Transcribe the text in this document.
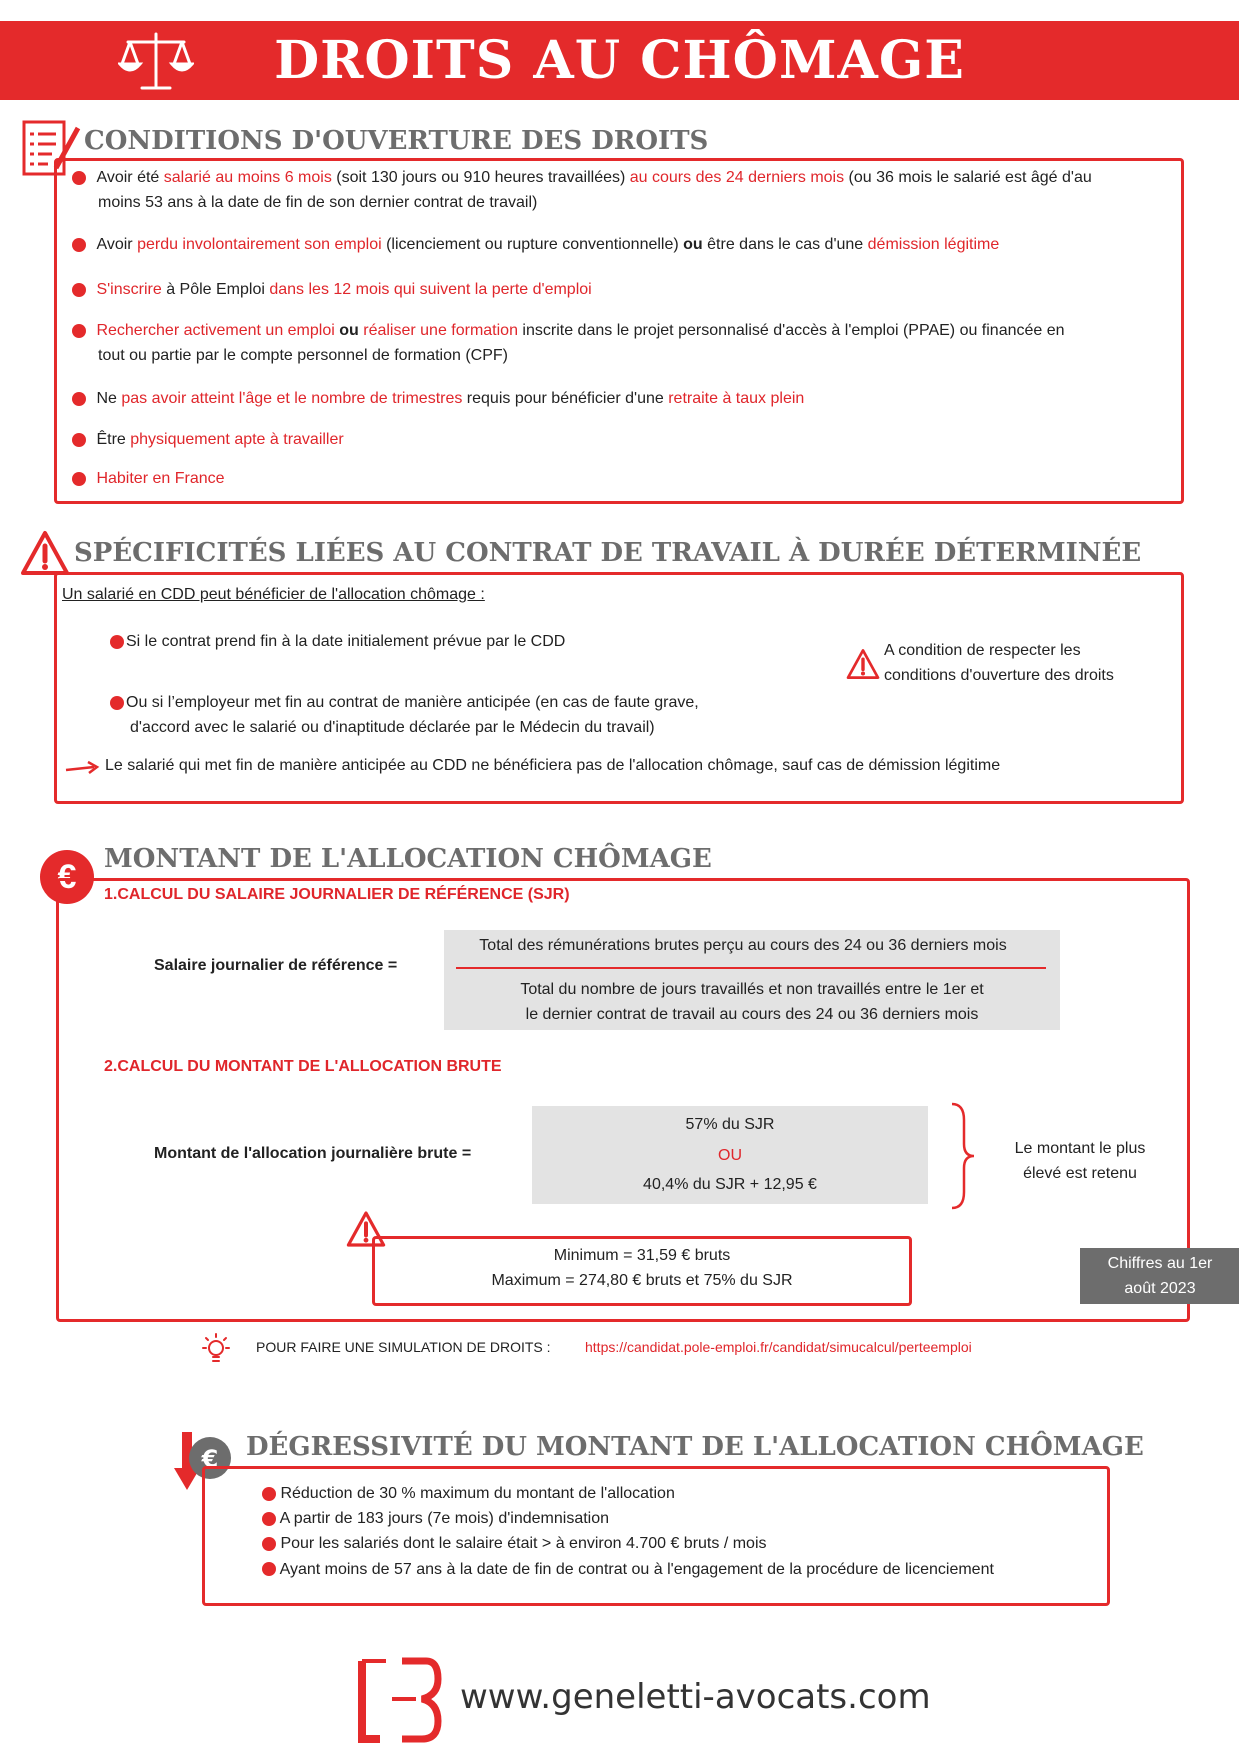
DROITS AU CHÔMAGE
CONDITIONS D'OUVERTURE DES DROITS
Avoir été salarié au moins 6 mois (soit 130 jours ou 910 heures travaillées) au cours des 24 derniers mois (ou 36 mois le salarié est âgé d'au
moins 53 ans à la date de fin de son dernier contrat de travail)
Avoir perdu involontairement son emploi (licenciement ou rupture conventionnelle) ou être dans le cas d'une démission légitime
S'inscrire à Pôle Emploi dans les 12 mois qui suivent la perte d'emploi
Rechercher activement un emploi ou réaliser une formation inscrite dans le projet personnalisé d'accès à l'emploi (PPAE) ou financée en
tout ou partie par le compte personnel de formation (CPF)
Ne pas avoir atteint l'âge et le nombre de trimestres requis pour bénéficier d'une retraite à taux plein
Être physiquement apte à travailler
Habiter en France
SPÉCIFICITÉS LIÉES AU CONTRAT DE TRAVAIL À DURÉE DÉTERMINÉE
Un salarié en CDD peut bénéficier de l'allocation chômage :
Si le contrat prend fin à la date initialement prévue par le CDD
Ou si l’employeur met fin au contrat de manière anticipée (en cas de faute grave,
d'accord avec le salarié ou d'inaptitude déclarée par le Médecin du travail)
A condition de respecter les
conditions d'ouverture des droits
Le salarié qui met fin de manière anticipée au CDD ne bénéficiera pas de l'allocation chômage, sauf cas de démission légitime
€	MONTANT DE L'ALLOCATION CHÔMAGE
1.CALCUL DU SALAIRE JOURNALIER DE RÉFÉRENCE (SJR)
Salaire journalier de référence =
Total des rémunérations brutes perçu au cours des 24 ou 36 derniers mois
Total du nombre de jours travaillés et non travaillés entre le 1er et
le dernier contrat de travail au cours des 24 ou 36 derniers mois
2.CALCUL DU MONTANT DE L'ALLOCATION BRUTE
Montant de l'allocation journalière brute =
57% du SJR
OU
40,4% du SJR + 12,95 €
Le montant le plus
élevé est retenu
Minimum = 31,59 € bruts
Maximum = 274,80 € bruts et 75% du SJR
Chiffres au 1er
août 2023
POUR FAIRE UNE SIMULATION DE DROITS : https://candidat.pole-emploi.fr/candidat/simucalcul/perteemploi
€ DÉGRESSIVITÉ DU MONTANT DE L'ALLOCATION CHÔMAGE
Réduction de 30 % maximum du montant de l'allocation
A partir de 183 jours (7e mois) d'indemnisation
Pour les salariés dont le salaire était > à environ 4.700 € bruts / mois
Ayant moins de 57 ans à la date de fin de contrat ou à l'engagement de la procédure de licenciement
www.geneletti-avocats.com
